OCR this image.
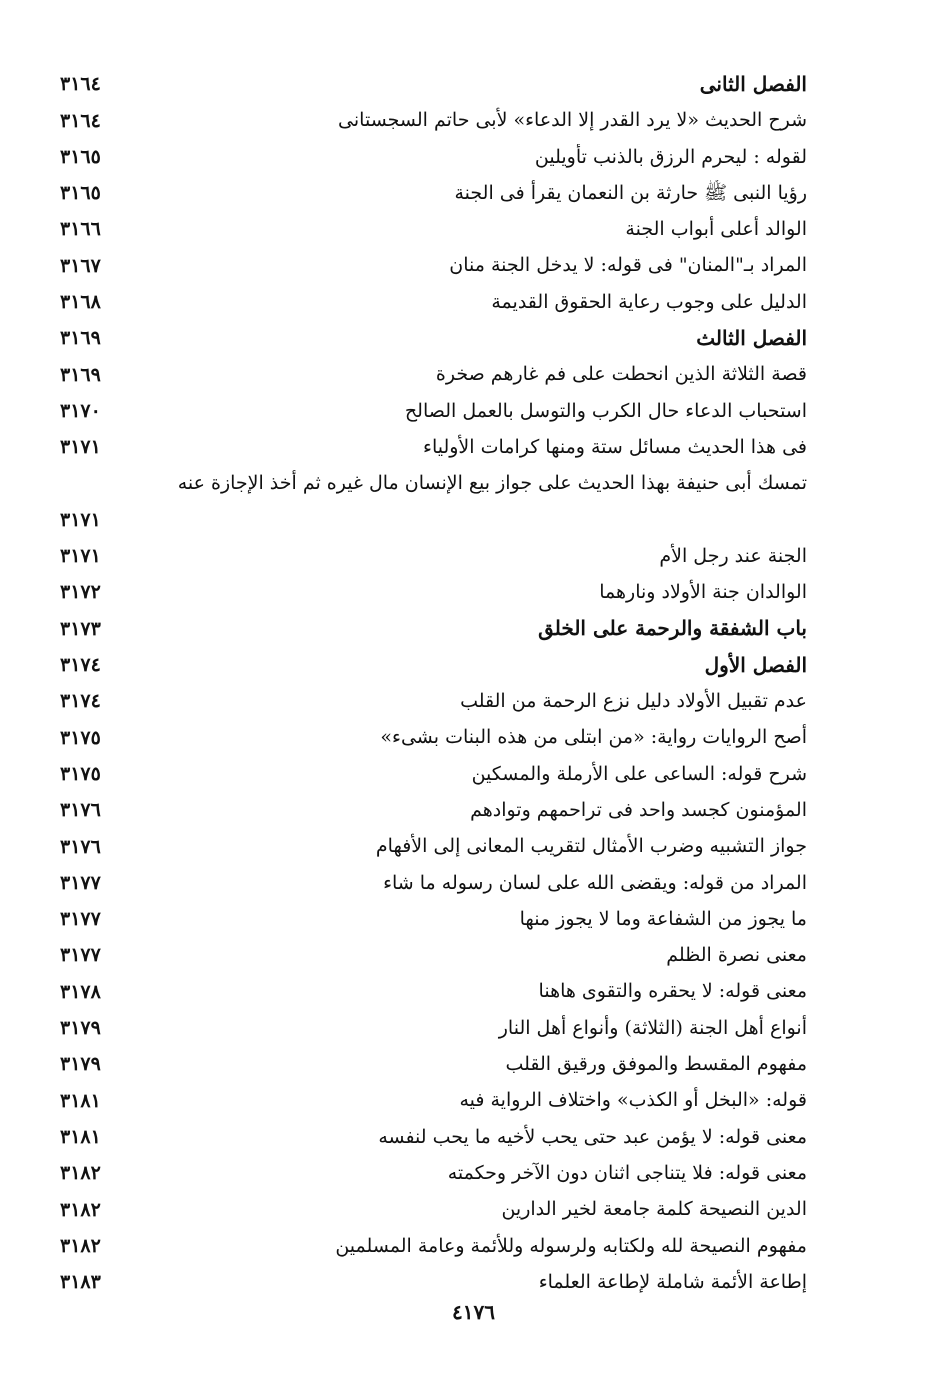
الفصل الثانى
٣١٦٤
شرح الحديث «لا يرد القدر إلا الدعاء» لأبى حاتم السجستانى
٣١٦٤
لقوله : ليحرم الرزق بالذنب تأويلين
٣١٦٥
رؤيا النبى ﷺ حارثة بن النعمان يقرأ فى الجنة
٣١٦٥
الوالد أعلى أبواب الجنة
٣١٦٦
المراد بـ"المنان" فى قوله: لا يدخل الجنة منان
٣١٦٧
الدليل على وجوب رعاية الحقوق القديمة
٣١٦٨
الفصل الثالث
٣١٦٩
قصة الثلاثة الذين انحطت على فم غارهم صخرة
٣١٦٩
استحباب الدعاء حال الكرب والتوسل بالعمل الصالح
٣١٧٠
فى هذا الحديث مسائل ستة ومنها كرامات الأولياء
٣١٧١
تمسك أبى حنيفة بهذا الحديث على جواز بيع الإنسان مال غيره ثم أخذ الإجازة عنه
٣١٧١
الجنة عند رجل الأم
٣١٧١
الوالدان جنة الأولاد ونارهما
٣١٧٢
باب الشفقة والرحمة على الخلق
٣١٧٣
الفصل الأول
٣١٧٤
عدم تقبيل الأولاد دليل نزع الرحمة من القلب
٣١٧٤
أصح الروايات رواية: «من ابتلى من هذه البنات بشىء»
٣١٧٥
شرح قوله: الساعى على الأرملة والمسكين
٣١٧٥
المؤمنون كجسد واحد فى تراحمهم وتوادهم
٣١٧٦
جواز التشبيه وضرب الأمثال لتقريب المعانى إلى الأفهام
٣١٧٦
المراد من قوله: ويقضى الله على لسان رسوله ما شاء
٣١٧٧
ما يجوز من الشفاعة وما لا يجوز منها
٣١٧٧
معنى نصرة الظلم
٣١٧٧
معنى قوله: لا يحقره والتقوى هاهنا
٣١٧٨
أنواع أهل الجنة (الثلاثة) وأنواع أهل النار
٣١٧٩
مفهوم المقسط والموفق ورقيق القلب
٣١٧٩
قوله: «البخل أو الكذب» واختلاف الرواية فيه
٣١٨١
معنى قوله: لا يؤمن عبد حتى يحب لأخيه ما يحب لنفسه
٣١٨١
معنى قوله: فلا يتناجى اثنان دون الآخر وحكمته
٣١٨٢
الدين النصيحة كلمة جامعة لخير الدارين
٣١٨٢
مفهوم النصيحة لله ولكتابه ولرسوله وللأئمة وعامة المسلمين
٣١٨٢
إطاعة الأئمة شاملة لإطاعة العلماء
٣١٨٣
٤١٧٦
